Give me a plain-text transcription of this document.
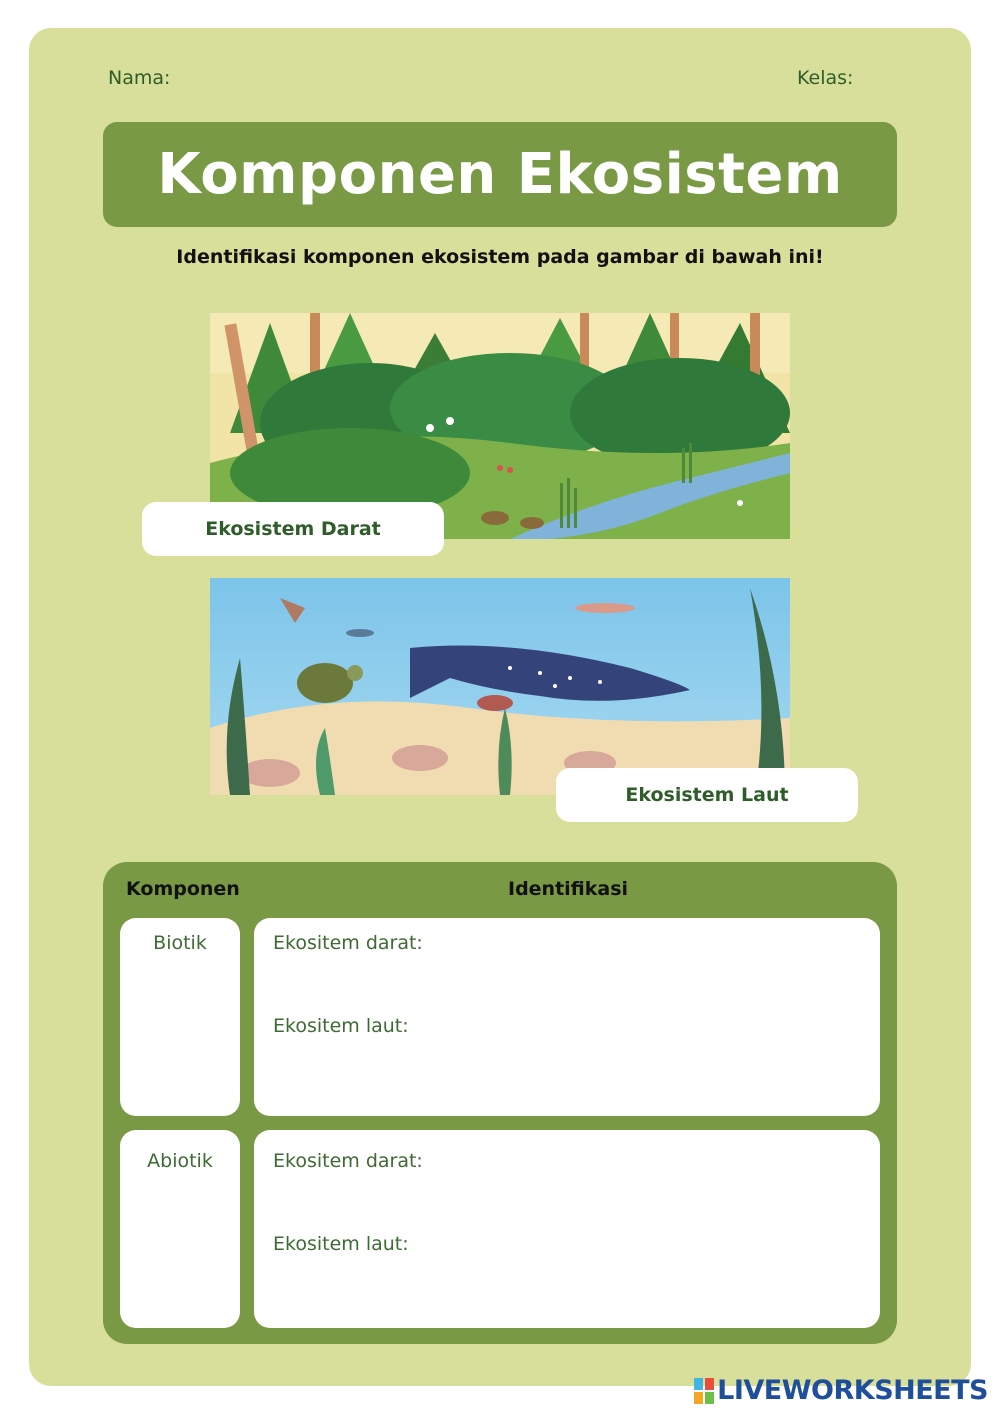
Nama:	Kelas:
Komponen Ekosistem
Identifikasi komponen ekosistem pada gambar di bawah ini!
Ekosistem Darat
Ekosistem Laut
Komponen	Identifikasi
Biotik	Ekositem darat:
Ekositem laut:
Abiotik	Ekositem darat:
Ekositem laut:
LIVEWORKSHEETS
